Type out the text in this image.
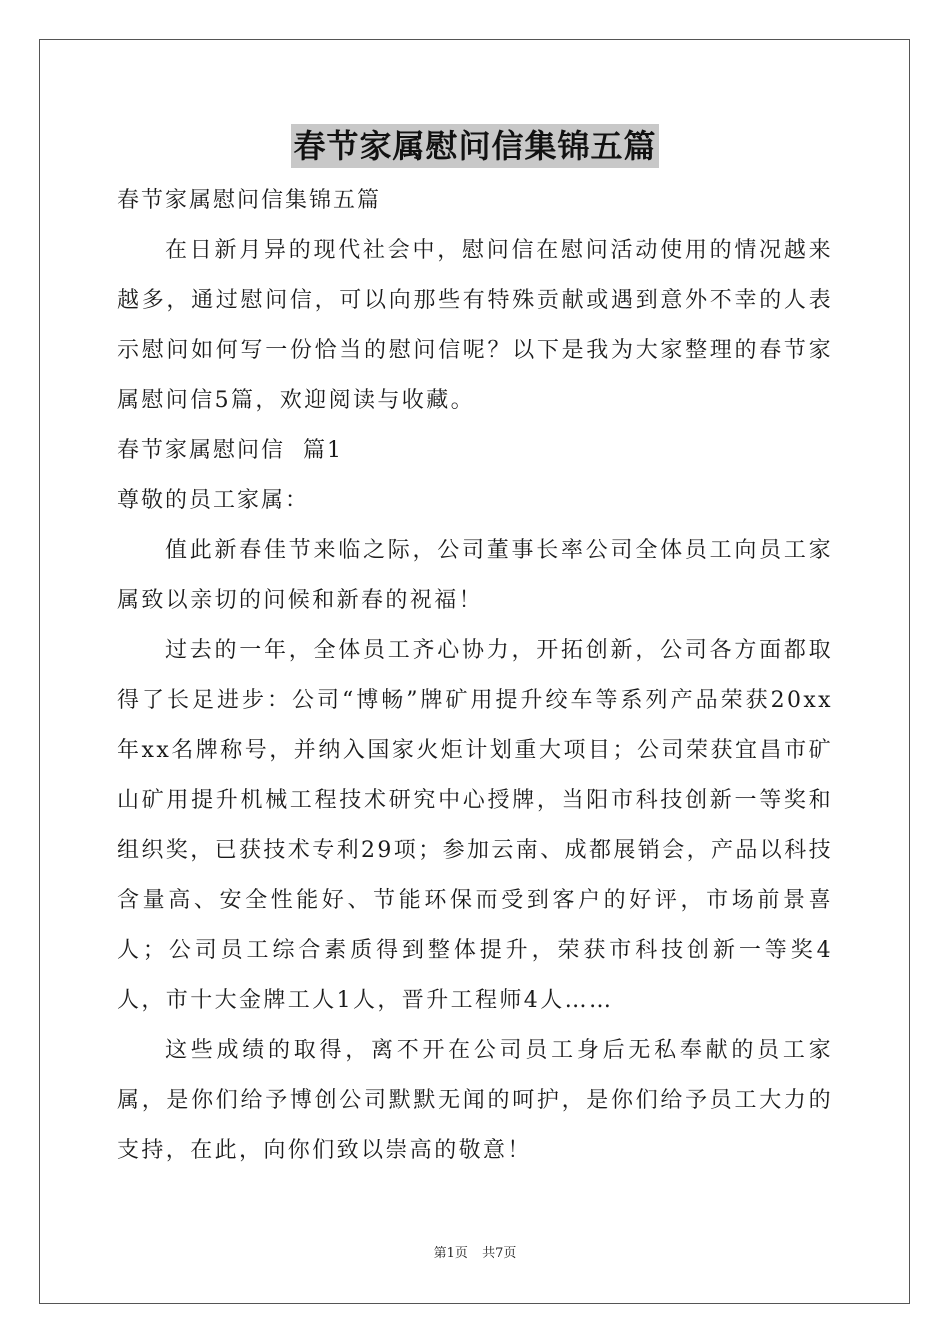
春节家属慰问信集锦五篇

春节家属慰问信集锦五篇

在日新月异的现代社会中，慰问信在慰问活动使用的情况越来越多，通过慰问信，可以向那些有特殊贡献或遇到意外不幸的人表示慰问如何写一份恰当的慰问信呢？以下是我为大家整理的春节家属慰问信5篇，欢迎阅读与收藏。

春节家属慰问信  篇1

尊敬的员工家属：

值此新春佳节来临之际，公司董事长率公司全体员工向员工家属致以亲切的问候和新春的祝福！

过去的一年，全体员工齐心协力，开拓创新，公司各方面都取得了长足进步：公司“博畅”牌矿用提升绞车等系列产品荣获20xx年xx名牌称号，并纳入国家火炬计划重大项目；公司荣获宜昌市矿山矿用提升机械工程技术研究中心授牌，当阳市科技创新一等奖和组织奖，已获技术专利29项；参加云南、成都展销会，产品以科技含量高、安全性能好、节能环保而受到客户的好评，市场前景喜人；公司员工综合素质得到整体提升，荣获市科技创新一等奖4人，市十大金牌工人1人，晋升工程师4人……

这些成绩的取得，离不开在公司员工身后无私奉献的员工家属，是你们给予博创公司默默无闻的呵护，是你们给予员工大力的支持，在此，向你们致以崇高的敬意！

第1页 共7页
